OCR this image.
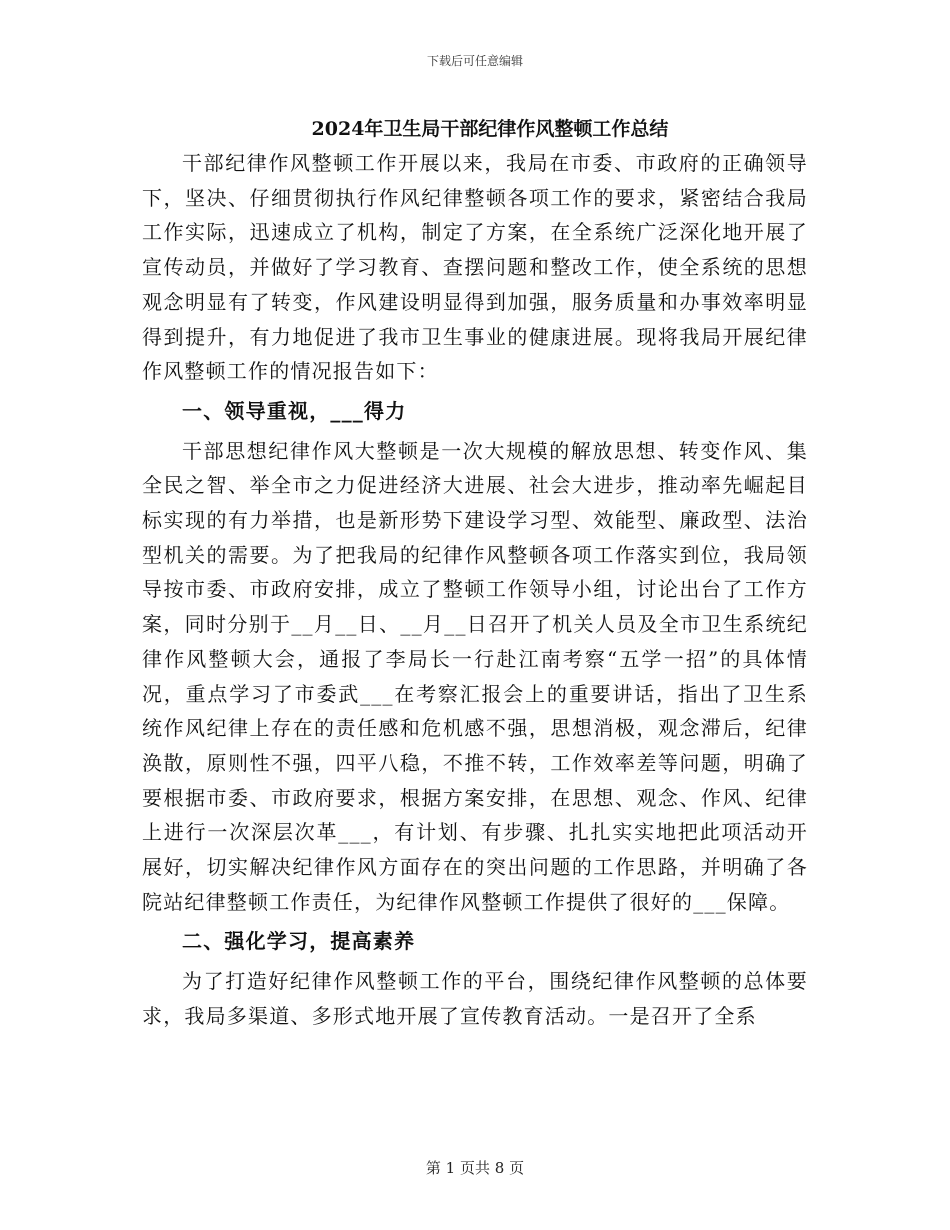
下载后可任意编辑

2024年卫生局干部纪律作风整顿工作总结

干部纪律作风整顿工作开展以来，我局在市委、市政府的正确领导下，坚决、仔细贯彻执行作风纪律整顿各项工作的要求，紧密结合我局工作实际，迅速成立了机构，制定了方案，在全系统广泛深化地开展了宣传动员，并做好了学习教育、查摆问题和整改工作，使全系统的思想观念明显有了转变，作风建设明显得到加强，服务质量和办事效率明显得到提升，有力地促进了我市卫生事业的健康进展。现将我局开展纪律作风整顿工作的情况报告如下：

一、领导重视，___得力

干部思想纪律作风大整顿是一次大规模的解放思想、转变作风、集全民之智、举全市之力促进经济大进展、社会大进步，推动率先崛起目标实现的有力举措，也是新形势下建设学习型、效能型、廉政型、法治型机关的需要。为了把我局的纪律作风整顿各项工作落实到位，我局领导按市委、市政府安排，成立了整顿工作领导小组，讨论出台了工作方案，同时分别于__月__日、__月__日召开了机关人员及全市卫生系统纪律作风整顿大会，通报了李局长一行赴江南考察“五学一招”的具体情况，重点学习了市委武___在考察汇报会上的重要讲话，指出了卫生系统作风纪律上存在的责任感和危机感不强，思想消极，观念滞后，纪律涣散，原则性不强，四平八稳，不推不转，工作效率差等问题，明确了要根据市委、市政府要求，根据方案安排，在思想、观念、作风、纪律上进行一次深层次革___，有计划、有步骤、扎扎实实地把此项活动开展好，切实解决纪律作风方面存在的突出问题的工作思路，并明确了各院站纪律整顿工作责任，为纪律作风整顿工作提供了很好的___保障。

二、强化学习，提高素养

为了打造好纪律作风整顿工作的平台，围绕纪律作风整顿的总体要求，我局多渠道、多形式地开展了宣传教育活动。一是召开了全系

第 1 页共 8 页
